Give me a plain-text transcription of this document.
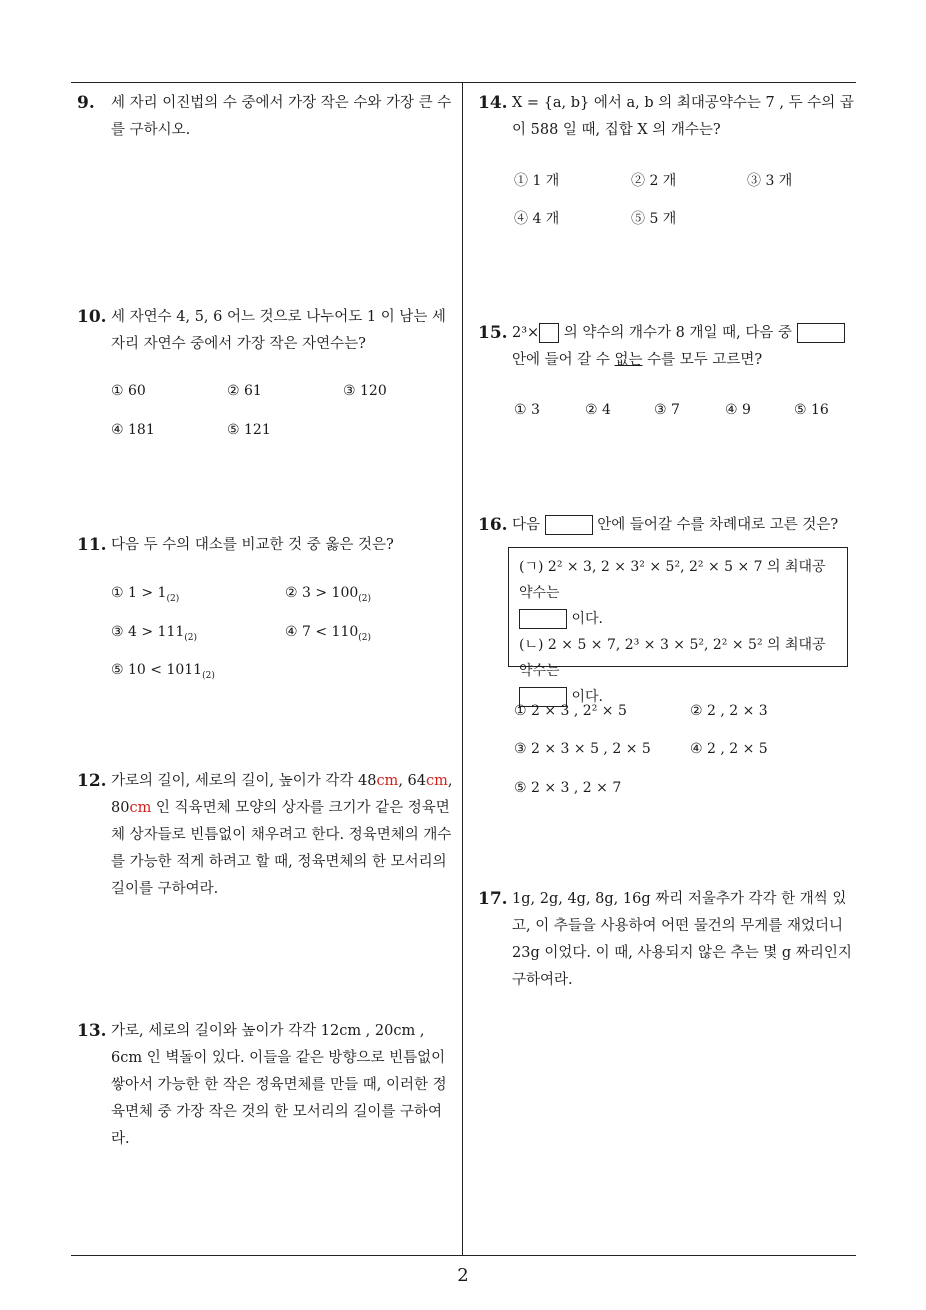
9. 세 자리 이진법의 수 중에서 가장 작은 수와 가장 큰 수를 구하시오.
10. 세 자연수 4, 5, 6 어느 것으로 나누어도 1 이 남는 세 자리 자연수 중에서 가장 작은 자연수는?
① 60	② 61	③ 120
④ 181	⑤ 121
11. 다음 두 수의 대소를 비교한 것 중 옳은 것은?
① $1 > 1_{(2)}$	② $3 > 100_{(2)}$
③ $4 > 111_{(2)}$	④ $7 < 110_{(2)}$
⑤ $10 < 1011_{(2)}$
12. 가로의 길이, 세로의 길이, 높이가 각각 48cm, 64cm, 80cm 인 직육면체 모양의 상자를 크기가 같은 정육면체 상자들로 빈틈없이 채우려고 한다. 정육면체의 개수를 가능한 적게 하려고 할 때, 정육면체의 한 모서리의 길이를 구하여라.
13. 가로, 세로의 길이와 높이가 각각 12cm , 20cm , 6cm 인 벽돌이 있다. 이들을 같은 방향으로 빈틈없이 쌓아서 가능한 한 작은 정육면체를 만들 때, 이러한 정육면체 중 가장 작은 것의 한 모서리의 길이를 구하여라.
14. X = {a, b} 에서 a, b 의 최대공약수는 7 , 두 수의 곱이 588 일 때, 집합 X 의 개수는?
① 1 개	② 2 개	③ 3 개
④ 4 개	⑤ 5 개
15. 2³× 의 약수의 개수가 8 개일 때, 다음 중
안에 들어 갈 수 없는 수를 모두 고르면?
① 3	② 4	③ 7	④ 9	⑤ 16
16. 다음	안에 들어갈 수를 차례대로 고른 것은?
(ㄱ) 2² × 3, 2 × 3² × 5², 2² × 5 × 7 의 최대공약수는
이다.
(ㄴ) 2 × 5 × 7, 2³ × 3 × 5², 2² × 5² 의 최대공약수는
이다.
① 2 × 3 , 2² × 5	② 2 , 2 × 3
③ 2 × 3 × 5 , 2 × 5	④ 2 , 2 × 5
⑤ 2 × 3 , 2 × 7
17. 1g, 2g, 4g, 8g, 16g 짜리 저울추가 각각 한 개씩 있고, 이 추들을 사용하여 어떤 물건의 무게를 재었더니 23g 이었다. 이 때, 사용되지 않은 추는 몇 g 짜리인지 구하여라.
2
